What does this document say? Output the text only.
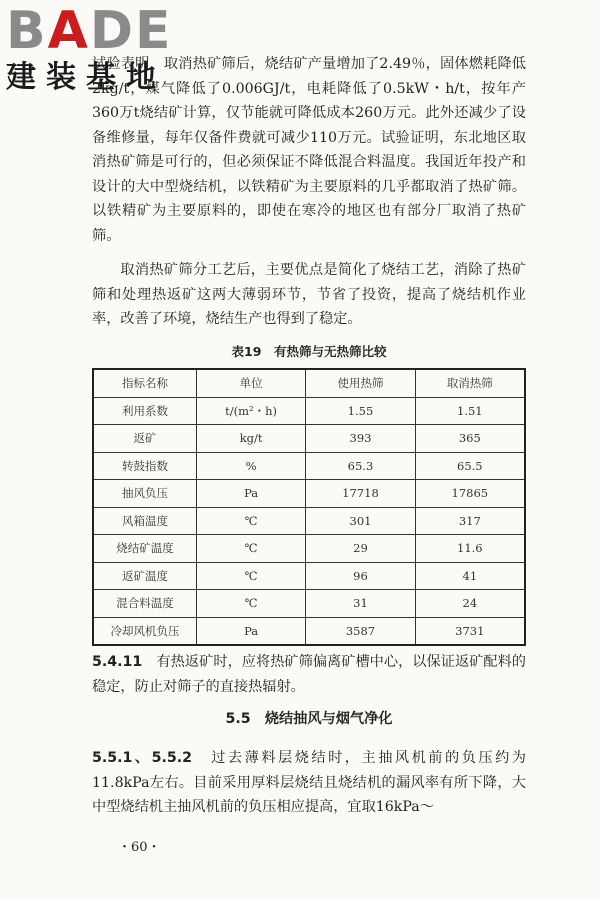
BADE
建装基地

试验表明，取消热矿筛后，烧结矿产量增加了2.49％，固体燃耗降低2kg/t，煤气降低了0.006GJ/t，电耗降低了0.5kW・h/t，按年产360万t烧结矿计算，仅节能就可降低成本260万元。此外还减少了设备维修量，每年仅备件费就可减少110万元。试验证明，东北地区取消热矿筛是可行的，但必须保证不降低混合料温度。我国近年投产和设计的大中型烧结机，以铁精矿为主要原料的几乎都取消了热矿筛。以铁精矿为主要原料的，即使在寒冷的地区也有部分厂取消了热矿筛。

取消热矿筛分工艺后，主要优点是简化了烧结工艺，消除了热矿筛和处理热返矿这两大薄弱环节，节省了投资，提高了烧结机作业率，改善了环境，烧结生产也得到了稳定。

表19　有热筛与无热筛比较
指标名称	单位	使用热筛	取消热筛
利用系数	t/(m²・h)	1.55	1.51
返矿	kg/t	393	365
转鼓指数	%	65.3	65.5
抽风负压	Pa	17718	17865
风箱温度	℃	301	317
烧结矿温度	℃	29	11.6
返矿温度	℃	96	41
混合料温度	℃	31	24
冷却风机负压	Pa	3587	3731

5.4.11　 有热返矿时，应将热矿筛偏离矿槽中心，以保证返矿配料的稳定，防止对筛子的直接热辐射。

5.5　烧结抽风与烟气净化

5.5.1、5.5.2　 过去薄料层烧结时，主抽风机前的负压约为11.8kPa左右。目前采用厚料层烧结且烧结机的漏风率有所下降，大中型烧结机主抽风机前的负压相应提高，宜取16kPa～

・60・
